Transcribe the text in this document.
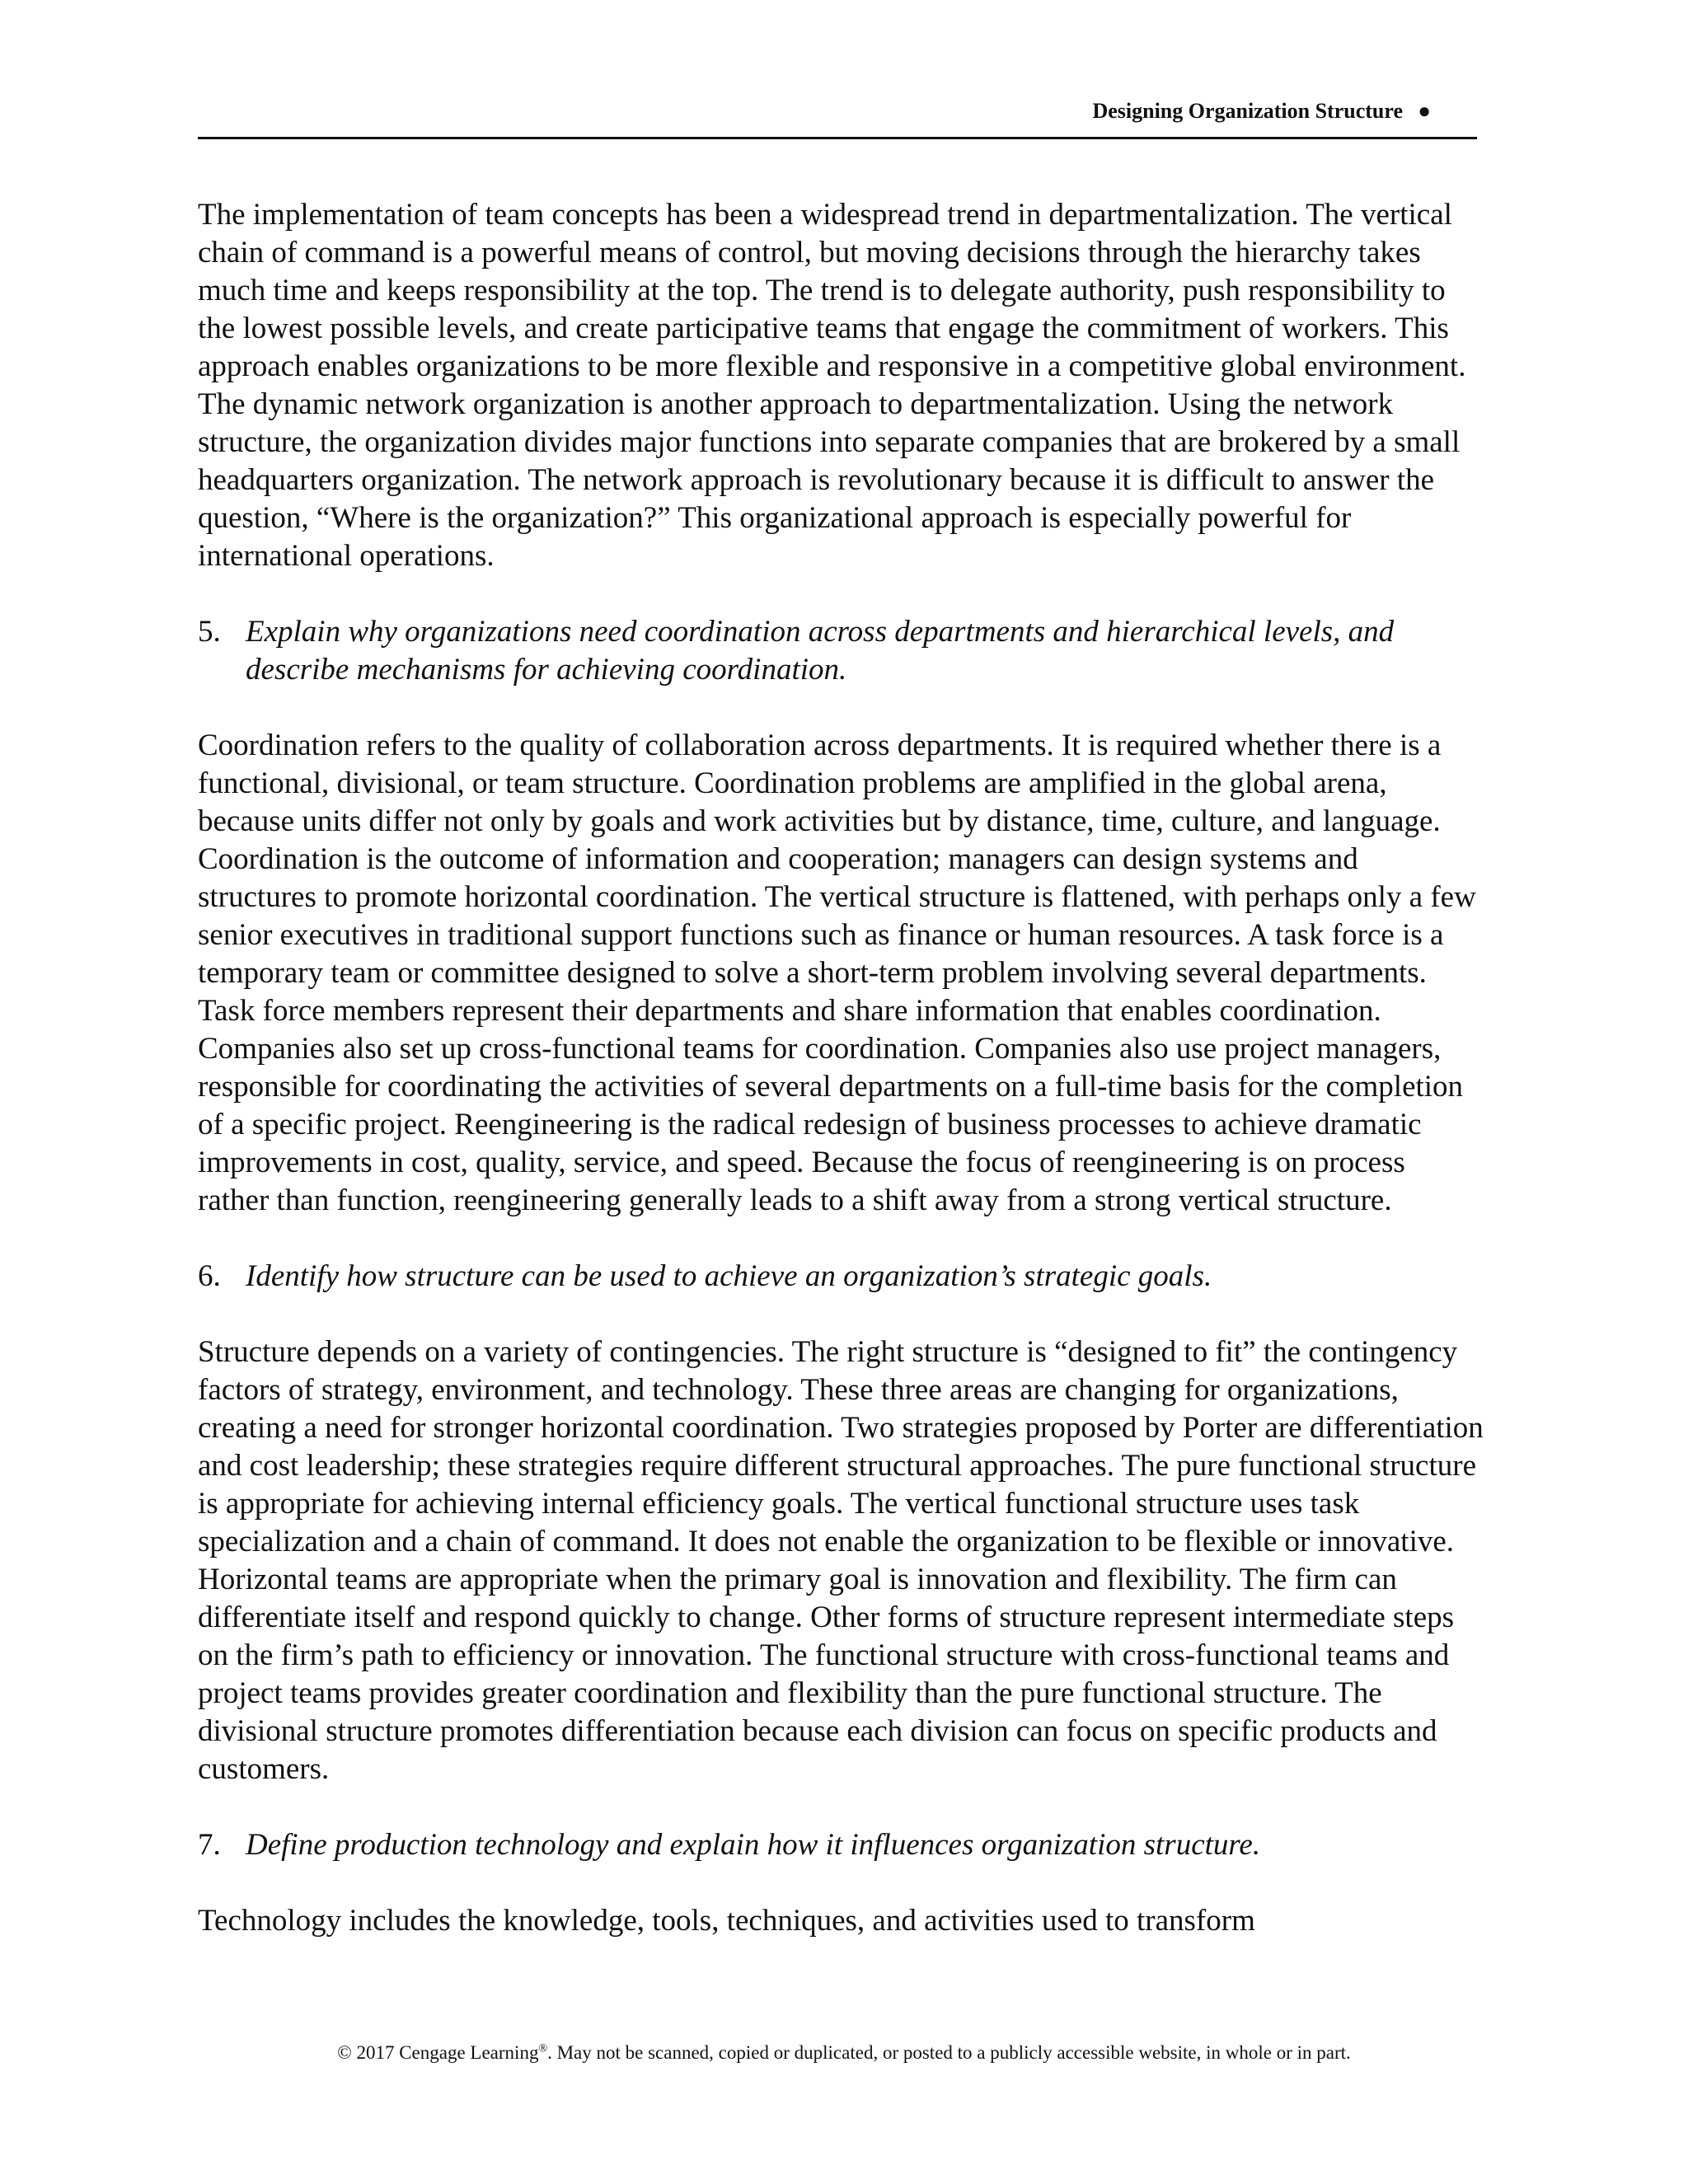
Designing Organization Structure ●

The implementation of team concepts has been a widespread trend in departmentalization. The vertical chain of command is a powerful means of control, but moving decisions through the hierarchy takes much time and keeps responsibility at the top. The trend is to delegate authority, push responsibility to the lowest possible levels, and create participative teams that engage the commitment of workers. This approach enables organizations to be more flexible and responsive in a competitive global environment. The dynamic network organization is another approach to departmentalization. Using the network structure, the organization divides major functions into separate companies that are brokered by a small headquarters organization. The network approach is revolutionary because it is difficult to answer the question, “Where is the organization?” This organizational approach is especially powerful for international operations.

5. Explain why organizations need coordination across departments and hierarchical levels, and describe mechanisms for achieving coordination.

Coordination refers to the quality of collaboration across departments. It is required whether there is a functional, divisional, or team structure. Coordination problems are amplified in the global arena, because units differ not only by goals and work activities but by distance, time, culture, and language. Coordination is the outcome of information and cooperation; managers can design systems and structures to promote horizontal coordination. The vertical structure is flattened, with perhaps only a few senior executives in traditional support functions such as finance or human resources. A task force is a temporary team or committee designed to solve a short-term problem involving several departments. Task force members represent their departments and share information that enables coordination. Companies also set up cross-functional teams for coordination. Companies also use project managers, responsible for coordinating the activities of several departments on a full-time basis for the completion of a specific project. Reengineering is the radical redesign of business processes to achieve dramatic improvements in cost, quality, service, and speed. Because the focus of reengineering is on process rather than function, reengineering generally leads to a shift away from a strong vertical structure.

6. Identify how structure can be used to achieve an organization’s strategic goals.

Structure depends on a variety of contingencies. The right structure is “designed to fit” the contingency factors of strategy, environment, and technology. These three areas are changing for organizations, creating a need for stronger horizontal coordination. Two strategies proposed by Porter are differentiation and cost leadership; these strategies require different structural approaches. The pure functional structure is appropriate for achieving internal efficiency goals. The vertical functional structure uses task specialization and a chain of command. It does not enable the organization to be flexible or innovative. Horizontal teams are appropriate when the primary goal is innovation and flexibility. The firm can differentiate itself and respond quickly to change. Other forms of structure represent intermediate steps on the firm’s path to efficiency or innovation. The functional structure with cross-functional teams and project teams provides greater coordination and flexibility than the pure functional structure. The divisional structure promotes differentiation because each division can focus on specific products and customers.

7. Define production technology and explain how it influences organization structure.

Technology includes the knowledge, tools, techniques, and activities used to transform

© 2017 Cengage Learning®. May not be scanned, copied or duplicated, or posted to a publicly accessible website, in whole or in part.
